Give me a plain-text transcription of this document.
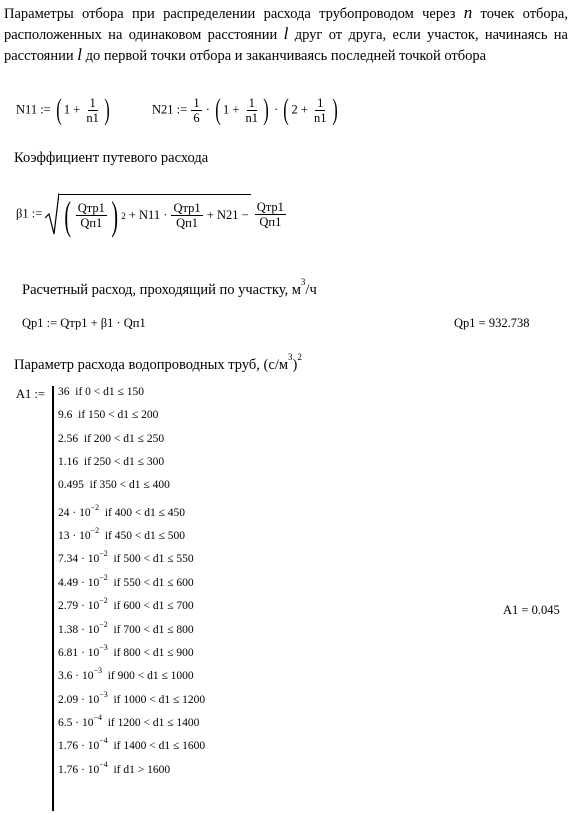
Параметры отбора при распределении расхода трубопроводом через n точек отбора, расположенных на одинаковом расстоянии l друг от друга, если участок, начинаясь на расстоянии l до первой точки отбора и заканчиваясь последней точкой отбора
N11 := ( $1 + \frac{1}{n1}$ )	N21 := $\frac{1}{6}$ · ( $1 + \frac{1}{n1}$ ) · ( $2 + \frac{1}{n1}$ )
Коэффициент путевого расхода
β1 := ( $\frac{\text{Qтр1}}{Qп1}$ ) 2
+ N11 ·
$\frac{\text{Qтр1}}{Qп1}$
+ N21 −
$\frac{\text{Qтр1}}{Qп1}$
Расчетный расход, проходящий по участку, $м^3/ч$
Qp1 := Qтр1 + β1 · Qп1	Qp1 = 932.738
Параметр расхода водопроводных труб, $(с/м^3)^2$
A1 := 36 if 0 < d1 ≤ 150
9.6 if 150 < d1 ≤ 200
2.56 if 200 < d1 ≤ 250
1.16 if 250 < d1 ≤ 300
0.495 if 350 < d1 ≤ 400
$24 \cdot 10^{-2}$ if 400 < d1 ≤ 450
$13 \cdot 10^{-2}$ if 450 < d1 ≤ 500
$7.34 \cdot 10^{-2}$ if 500 < d1 ≤ 550
$4.49 \cdot 10^{-2}$ if 550 < d1 ≤ 600
$2.79 \cdot 10^{-2}$ if 600 < d1 ≤ 700
$1.38 \cdot 10^{-2}$ if 700 < d1 ≤ 800
$6.81 \cdot 10^{-3}$ if 800 < d1 ≤ 900
$3.6 \cdot 10^{-3}$ if 900 < d1 ≤ 1000
$2.09 \cdot 10^{-3}$ if 1000 < d1 ≤ 1200
$6.5 \cdot 10^{-4}$ if 1200 < d1 ≤ 1400
$1.76 \cdot 10^{-4}$ if 1400 < d1 ≤ 1600
$1.76 \cdot 10^{-4}$ if d1 > 1600
A1 = 0.045
